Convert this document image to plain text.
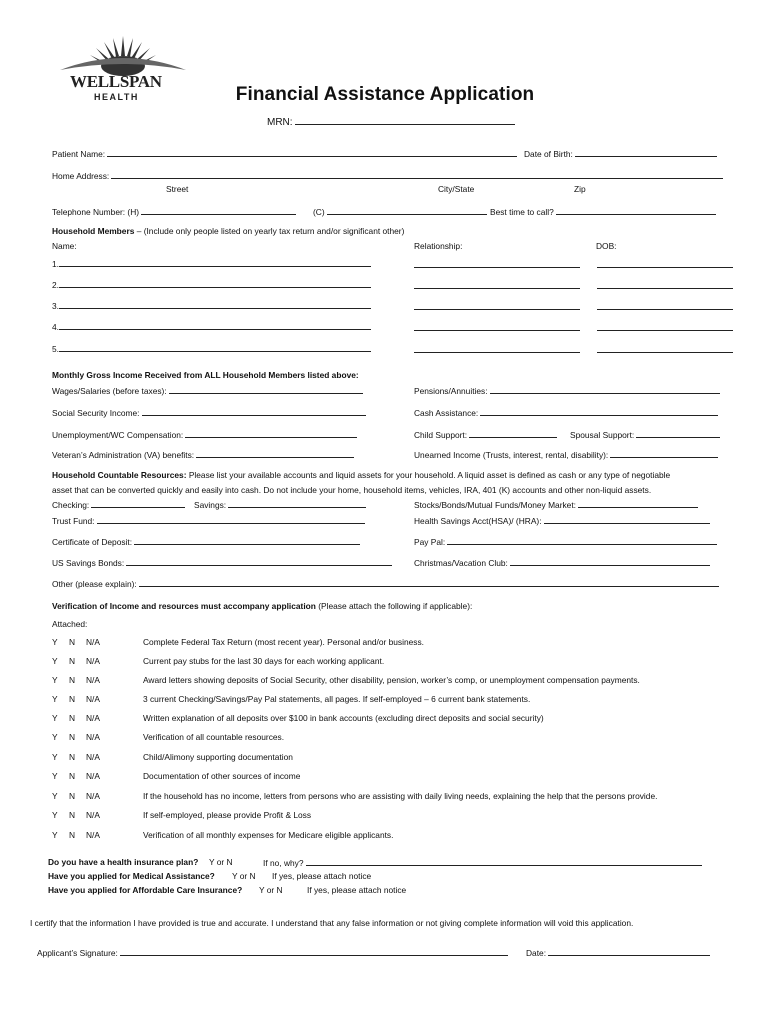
WELLSPAN
HEALTH	Financial Assistance Application
MRN:
Patient Name:	Date of Birth:
Home Address:
Street	City/State	Zip
Telephone Number: (H)	(C)	Best time to call?
Household Members – (Include only people listed on yearly tax return and/or significant other)
Name:	Relationship:	DOB:
1.
2.
3.
4.
5.
Monthly Gross Income Received from ALL Household Members listed above:
Wages/Salaries (before taxes):	Pensions/Annuities:
Social Security Income:	Cash Assistance:
Unemployment/WC Compensation:	Child Support:	Spousal Support:
Veteran’s Administration (VA) benefits:	Unearned Income (Trusts, interest, rental, disability):
Household Countable Resources: Please list your available accounts and liquid assets for your household. A liquid asset is defined as cash or any type of negotiable
asset that can be converted quickly and easily into cash. Do not include your home, household items, vehicles, IRA, 401 (K) accounts and other non-liquid assets.
Checking:	Savings:	Stocks/Bonds/Mutual Funds/Money Market:
Trust Fund:	Health Savings Acct(HSA)/ (HRA):
Certificate of Deposit:	Pay Pal:
US Savings Bonds:	Christmas/Vacation Club:
Other (please explain):
Verification of Income and resources must accompany application (Please attach the following if applicable):
Attached:
Y N N/A	Complete Federal Tax Return (most recent year). Personal and/or business.
Y N N/A	Current pay stubs for the last 30 days for each working applicant.
Y N N/A	Award letters showing deposits of Social Security, other disability, pension, worker’s comp, or unemployment compensation payments.
Y N N/A	3 current Checking/Savings/Pay Pal statements, all pages. If self-employed – 6 current bank statements.
Y N N/A	Written explanation of all deposits over $100 in bank accounts (excluding direct deposits and social security)
Y N N/A	Verification of all countable resources.
Y N N/A	Child/Alimony supporting documentation
Y N N/A	Documentation of other sources of income
Y N N/A	If the household has no income, letters from persons who are assisting with daily living needs, explaining the help that the persons provide.
Y N N/A	If self-employed, please provide Profit & Loss
Y N N/A	Verification of all monthly expenses for Medicare eligible applicants.
Do you have a health insurance plan? Y or N	If no, why?
Have you applied for Medical Assistance? Y or N If yes, please attach notice
Have you applied for Affordable Care Insurance? Y or N	If yes, please attach notice
I certify that the information I have provided is true and accurate. I understand that any false information or not giving complete information will void this application.
Applicant’s Signature:	Date:
